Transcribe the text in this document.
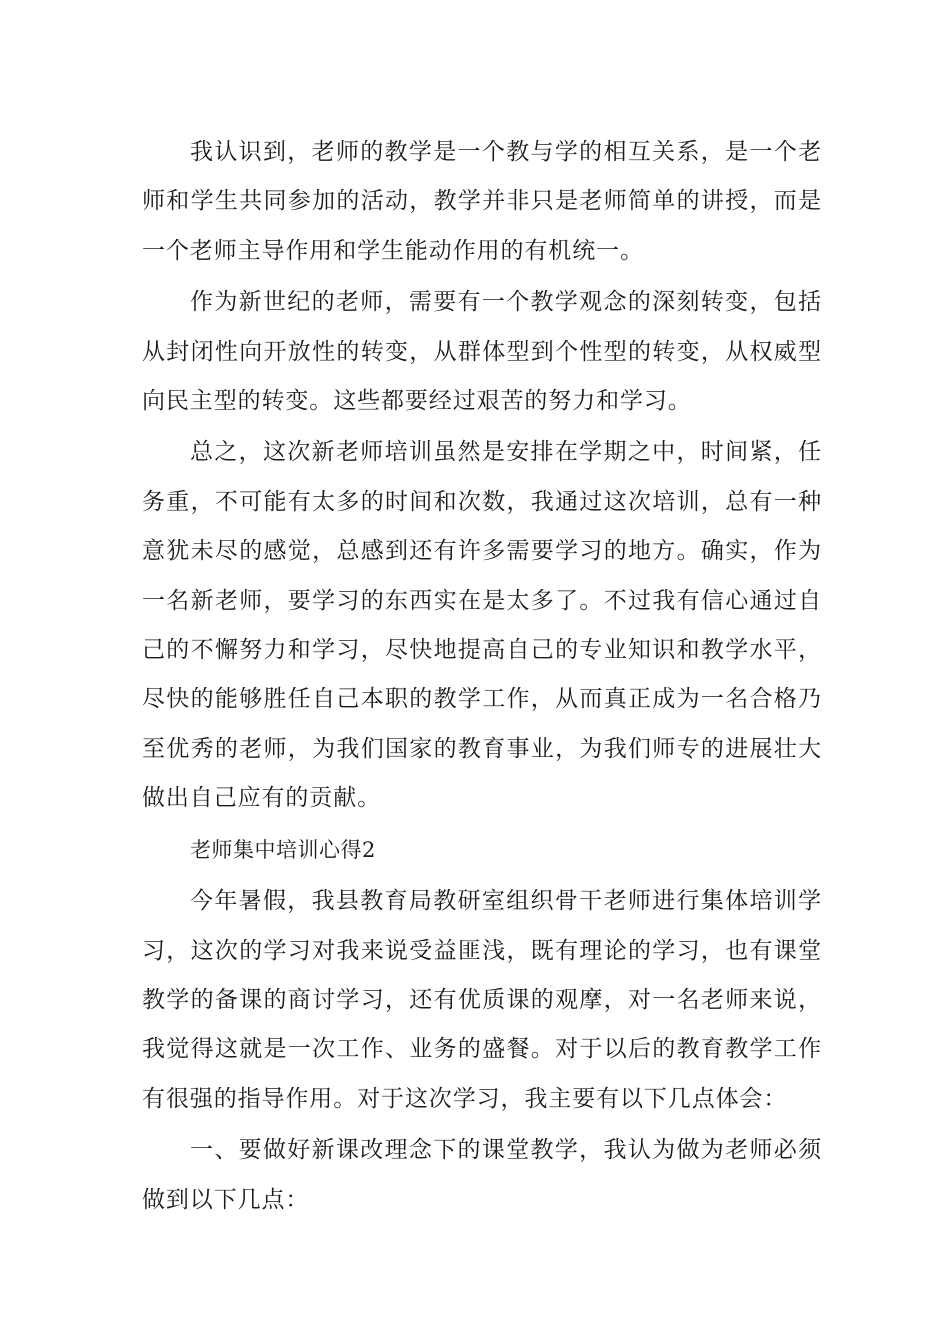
我认识到，老师的教学是一个教与学的相互关系，是一个老师和学生共同参加的活动，教学并非只是老师简单的讲授，而是一个老师主导作用和学生能动作用的有机统一。

作为新世纪的老师，需要有一个教学观念的深刻转变，包括从封闭性向开放性的转变，从群体型到个性型的转变，从权威型向民主型的转变。这些都要经过艰苦的努力和学习。

总之，这次新老师培训虽然是安排在学期之中，时间紧，任务重，不可能有太多的时间和次数，我通过这次培训，总有一种意犹未尽的感觉，总感到还有许多需要学习的地方。确实，作为一名新老师，要学习的东西实在是太多了。不过我有信心通过自己的不懈努力和学习，尽快地提高自己的专业知识和教学水平，尽快的能够胜任自己本职的教学工作，从而真正成为一名合格乃至优秀的老师，为我们国家的教育事业，为我们师专的进展壮大做出自己应有的贡献。

老师集中培训心得2

今年暑假，我县教育局教研室组织骨干老师进行集体培训学习，这次的学习对我来说受益匪浅，既有理论的学习，也有课堂教学的备课的商讨学习，还有优质课的观摩，对一名老师来说，我觉得这就是一次工作、业务的盛餐。对于以后的教育教学工作有很强的指导作用。对于这次学习，我主要有以下几点体会：

一、要做好新课改理念下的课堂教学，我认为做为老师必须做到以下几点：
